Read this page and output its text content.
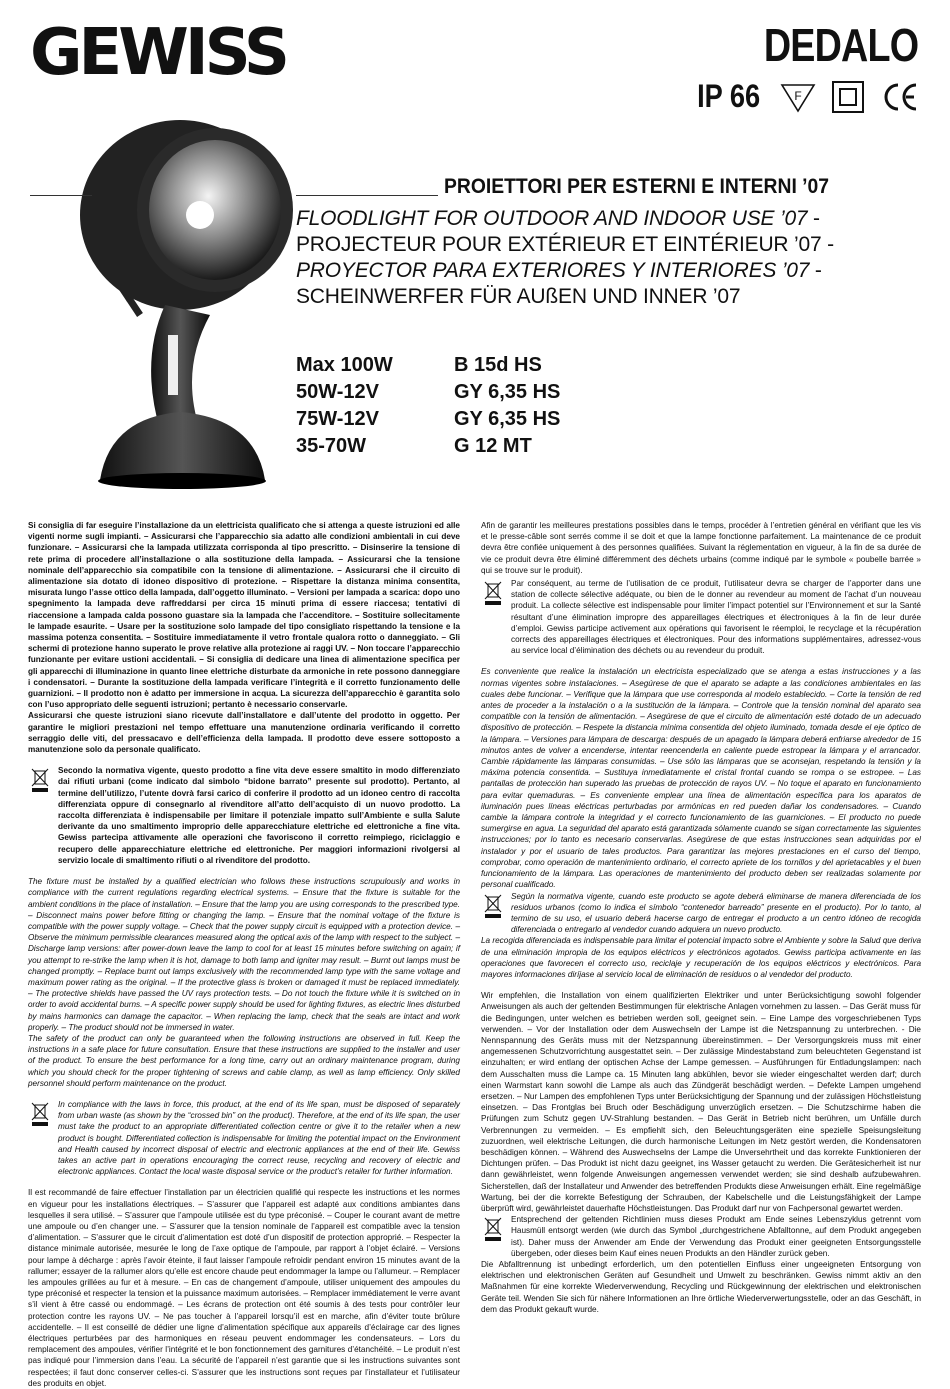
GEWISS	DEDALO
IP 66	F
PROIETTORI PER ESTERNI E INTERNI ’07
FLOODLIGHT FOR OUTDOOR AND INDOOR USE ’07 - PROJECTEUR POUR EXTÉRIEUR ET EINTÉRIEUR ’07 - PROYECTOR PARA EXTERIORES Y INTERIORES ’07 - SCHEINWERFER FÜR AUßEN UND INNER ’07
Max 100W	B 15d HS
50W-12V	GY 6,35 HS
75W-12V	GY 6,35 HS
35-70W	G 12 MT
Si consiglia di far eseguire l’installazione da un elettricista qualificato che si attenga a queste istruzioni ed alle vigenti norme sugli impianti. – Assicurarsi che l’apparecchio sia adatto alle condizioni ambientali in cui deve funzionare. – Assicurarsi che la lampada utilizzata corrisponda al tipo prescritto. – Disinserire la tensione di rete prima di procedere all’installazione o alla sostituzione della lampada. – Assicurarsi che la tensione nominale dell’apparecchio sia compatibile con la tensione di alimentazione. – Assicurarsi che il circuito di alimentazione sia dotato di idoneo dispositivo di protezione. – Rispettare la distanza minima consentita, misurata lungo l’asse ottico della lampada, dall’oggetto illuminato. – Versioni per lampada a scarica: dopo uno spegnimento la lampada deve raffreddarsi per circa 15 minuti prima di essere riaccesa; tentativi di riaccensione a lampada calda possono guastare sia la lampada che l’accenditore. – Sostituire sollecitamente le lampade esaurite. – Usare per la sostituzione solo lampade del tipo consigliato rispettando la tensione e la massima potenza consentita. – Sostituire immediatamente il vetro frontale qualora rotto o danneggiato. – Gli schermi di protezione hanno superato le prove relative alla protezione ai raggi UV. – Non toccare l’apparecchio funzionante per evitare ustioni accidentali. – Si consiglia di dedicare una linea di alimentazione specifica per gli apparecchi di illuminazione in quanto linee elettriche disturbate da armoniche in rete possono danneggiare i condensatori. – Durante la sostituzione della lampada verificare l’integrità e il corretto funzionamento delle guarnizioni. – Il prodotto non è adatto per immersione in acqua. La sicurezza dell’apparecchio è garantita solo con l’uso appropriato delle seguenti istruzioni; pertanto è necessario conservarle.
Assicurarsi che queste istruzioni siano ricevute dall’installatore e dall’utente del prodotto in oggetto. Per garantire le migliori prestazioni nel tempo effettuare una manutenzione ordinaria verificando il corretto serraggio delle viti, del pressacavo e dell’efficienza della lampada. Il prodotto deve essere sottoposto a manutenzione solo da personale qualificato.
Secondo la normativa vigente, questo prodotto a fine vita deve essere smaltito in modo differenziato dai rifiuti urbani (come indicato dal simbolo “bidone barrato” presente sul prodotto). Pertanto, al termine dell’utilizzo, l’utente dovrà farsi carico di conferire il prodotto ad un idoneo centro di raccolta differenziata oppure di consegnarlo al rivenditore all’atto dell’acquisto di un nuovo prodotto. La raccolta differenziata è indispensabile per limitare il potenziale impatto sull’Ambiente e sulla Salute derivante da uno smaltimento improprio delle apparecchiature elettriche ed elettroniche a fine vita. Gewiss partecipa attivamente alle operazioni che favoriscono il corretto reimpiego, riciclaggio e recupero delle apparecchiature elettriche ed elettroniche. Per maggiori informazioni rivolgersi al servizio locale di smaltimento rifiuti o al rivenditore del prodotto.
The fixture must be installed by a qualified electrician who follows these instructions scrupulously and works in compliance with the current regulations regarding electrical systems. – Ensure that the fixture is suitable for the ambient conditions in the place of installation. – Ensure that the lamp you are using corresponds to the prescribed type. – Disconnect mains power before fitting or changing the lamp. – Ensure that the nominal voltage of the fixture is compatible with the power supply voltage. – Check that the power supply circuit is equipped with a protection device. – Observe the minimum permissible clearances measured along the optical axis of the lamp with respect to the subject. – Discharge lamp versions: after power-down leave the lamp to cool for at least 15 minutes before switching on again; if you attempt to re-strike the lamp when it is hot, damage to both lamp and igniter may result. – Burnt out lamps must be changed promptly. – Replace burnt out lamps exclusively with the recommended lamp type with the same voltage and maximum power rating as the original. – If the protective glass is broken or damaged it must be replaced immediately. – The protective shields have passed the UV rays protection tests. – Do not touch the fixture while it is switched on in order to avoid accidental burns. – A specific power supply should be used for lighting fixtures, as electric lines disturbed by mains harmonics can damage the capacitor. – When replacing the lamp, check that the seals are intact and work properly. – The product should not be immersed in water.
The safety of the product can only be guaranteed when the following instructions are observed in full. Keep the instructions in a safe place for future consultation. Ensure that these instructions are supplied to the installer and user of the product. To ensure the best performance for a long time, carry out an ordinary maintenance program, during which you should check for the proper tightening of screws and cable clamp, as well as lamp efficiency. Only skilled personnel should perform maintenance on the product.
In compliance with the laws in force, this product, at the end of its life span, must be disposed of separately from urban waste (as shown by the “crossed bin” on the product). Therefore, at the end of its life span, the user must take the product to an appropriate differentiated collection centre or give it to the retailer when a new product is bought. Differentiated collection is indispensable for limiting the potential impact on the Environment and Health caused by incorrect disposal of electric and electronic appliances at the end of their life. Gewiss takes an active part in operations encouraging the correct reuse, recycling and recovery of electric and electronic appliances. Contact the local waste disposal service or the product’s retailer for further information.
Il est recommandé de faire effectuer l’installation par un électricien qualifié qui respecte les instructions et les normes en vigueur pour les installations électriques. – S’assurer que l’appareil est adapté aux conditions ambiantes dans lesquelles il sera utilisé. – S’assurer que l’ampoule utilisée est du type préconisé. – Couper le courant avant de mettre une ampoule ou d’en changer une. – S’assurer que la tension nominale de l’appareil est compatible avec la tension d’alimentation. – S’assurer que le circuit d’alimentation est doté d’un dispositif de protection approprié. – Respecter la distance minimale autorisée, mesurée le long de l’axe optique de l’ampoule, par rapport à l’objet éclairé. – Versions pour lampe à décharge : après l’avoir éteinte, il faut laisser l’ampoule refroidir pendant environ 15 minutes avant de la rallumer; essayer de la rallumer alors qu’elle est encore chaude peut endommager la lampe ou l’allumeur. – Remplacer les ampoules grillées au fur et à mesure. – En cas de changement d’ampoule, utiliser uniquement des ampoules du type préconisé et respecter la tension et la puissance maximum autorisées. – Remplacer immédiatement le verre avant s’il vient à être cassé ou endommagé. – Les écrans de protection ont été soumis à des tests pour contrôler leur protection contre les rayons UV. – Ne pas toucher à l’appareil lorsqu’il est en marche, afin d’éviter toute brûlure accidentelle. – Il est conseillé de dédier une ligne d’alimentation spécifique aux appareils d’éclairage car des lignes électriques perturbées par des harmoniques en réseau peuvent endommager les condensateurs. – Lors du remplacement des ampoules, vérifier l’intégrité et le bon fonctionnement des garnitures d’étanchéité. – Le produit n’est pas indiqué pour l’immersion dans l’eau. La sécurité de l’appareil n’est garantie que si les instructions suivantes sont respectées; il faut donc conserver celles-ci. S’assurer que les instructions sont reçues par l’installateur et l’utilisateur des produits en objet.
Afin de garantir les meilleures prestations possibles dans le temps, procéder à l’entretien général en vérifiant que les vis et le presse-câble sont serrés comme il se doit et que la lampe fonctionne parfaitement. La maintenance de ce produit devra être confiée uniquement à des personnes qualifiées. Suivant la réglementation en vigueur, à la fin de sa durée de vie ce produit devra être éliminé différemment des déchets urbains (comme indiqué par le symbole « poubelle barrée » qui se trouve sur le produit).
Par conséquent, au terme de l’utilisation de ce produit, l’utilisateur devra se charger de l’apporter dans une station de collecte sélective adéquate, ou bien de le donner au revendeur au moment de l’achat d’un nouveau produit. La collecte sélective est indispensable pour limiter l’impact potentiel sur l’Environnement et sur la Santé résultant d’une élimination impropre des appareillages électriques et électroniques à la fin de leur durée d’emploi. Gewiss participe activement aux opérations qui favorisent le réemploi, le recyclage et la récupération corrects des appareillages électriques et électroniques. Pour des informations supplémentaires, adressez-vous au service local d’élimination des déchets ou au revendeur du produit.
Es conveniente que realice la instalación un electricista especializado que se atenga a estas instrucciones y a las normas vigentes sobre instalaciones. – Asegúrese de que el aparato se adapte a las condiciones ambientales en las cuales debe funcionar. – Verifique que la lámpara que use corresponda al modelo establecido. – Corte la tensión de red antes de proceder a la instalación o a la sustitución de la lámpara. – Controle que la tensión nominal del aparato sea compatible con la tensión de alimentación. – Asegúrese de que el circuito de alimentación esté dotado de un adecuado dispositivo de protección. – Respete la distancia mínima consentida del objeto iluminado, tomada desde el eje óptico de la lámpara. – Versiones para lámpara de descarga: después de un apagado la lámpara deberá enfriarse alrededor de 15 minutos antes de volver a encenderse, intentar reencenderla en caliente puede estropear la lámpara y el arrancador. Cambie rápidamente las lámparas consumidas. – Use sólo las lámparas que se aconsejan, respetando la tensión y la máxima potencia consentida. – Sustituya inmediatamente el cristal frontal cuando se rompa o se estropee. – Las pantallas de protección han superado las pruebas de protección de rayos UV. – No toque el aparato en funcionamiento para evitar quemaduras. – Es conveniente emplear una línea de alimentación específica para los aparatos de iluminación pues líneas eléctricas perturbadas por armónicas en red pueden dañar los condensadores. – Cuando cambie la lámpara controle la integridad y el correcto funcionamiento de las guarniciones. – El producto no puede sumergirse en agua. La seguridad del aparato está garantizada sólamente cuando se sigan correctamente las siguientes instrucciones; por lo tanto es necesario conservarlas. Asegúrese de que estas instrucciones sean adquiridas por el instalador y por el usuario de tales productos. Para garantizar las mejores prestaciones en el curso del tiempo, comprobar, como operación de mantenimiento ordinario, el correcto apriete de los tornillos y del aprietacables y el buen funcionamiento de la lámpara. Las operaciones de mantenimiento del producto deben ser realizadas solamente por personal cualificado.
Según la normativa vigente, cuando este producto se agote deberá eliminarse de manera diferenciada de los residuos urbanos (como lo indica el símbolo “contenedor barreado” presente en el producto). Por lo tanto, al termino de su uso, el usuario deberá hacerse cargo de entregar el producto a un centro idóneo de recogida diferenciada o entregarlo al vendedor cuando adquiera un nuevo producto.
La recogida diferenciada es indispensable para limitar el potencial impacto sobre el Ambiente y sobre la Salud que deriva de una eliminación impropia de los equipos eléctricos y electrónicos agotados. Gewiss participa activamente en las operaciones que favorecen el correcto uso, reciclaje y recuperación de los equipos eléctricos y electrónicos. Para mayores informaciones diríjase al servicio local de eliminación de residuos o al vendedor del producto.
Wir empfehlen, die Installation von einem qualifizierten Elektriker und unter Berücksichtigung sowohl folgender Anweisungen als auch der geltenden Bestimmungen für elektrische Anlagen vornehmen zu lassen. – Das Gerät muss für die Bedingungen, unter welchen es betrieben werden soll, geeignet sein. – Eine Lampe des vorgeschriebenen Typs verwenden. – Vor der Installation oder dem Auswechseln der Lampe ist die Netzspannung zu unterbrechen. - Die Nennspannung des Geräts muss mit der Netzspannung übereinstimmen. – Der Versorgungskreis muss mit einer angemessenen Schutzvorrichtung ausgestattet sein. – Der zulässige Mindestabstand zum beleuchteten Gegenstand ist einzuhalten; er wird entlang der optischen Achse der Lampe gemessen. – Ausführungen für Entladungslampen: nach dem Ausschalten muss die Lampe ca. 15 Minuten lang abkühlen, bevor sie wieder eingeschaltet werden darf; durch einen Warmstart kann sowohl die Lampe als auch das Zündgerät beschädigt werden. – Defekte Lampen umgehend ersetzen. – Nur Lampen des empfohlenen Typs unter Berücksichtigung der Spannung und der zulässigen Höchstleistung einsetzen. – Das Frontglas bei Bruch oder Beschädigung unverzüglich ersetzen. – Die Schutzschirme haben die Prüfungen zum Schutz gegen UV-Strahlung bestanden. – Das Gerät in Betrieb nicht berühren, um Unfälle durch Verbrennungen zu vermeiden. – Es empfiehlt sich, den Beleuchtungsgeräten eine spezielle Speisungsleitung zuzuordnen, weil elektrische Leitungen, die durch harmonische Leitungen im Netz gestört werden, die Kondensatoren beschädigen können. – Während des Auswechselns der Lampe die Unversehrtheit und das korrekte Funktionieren der Dichtungen prüfen. – Das Produkt ist nicht dazu geeignet, ins Wasser getaucht zu werden. Die Gerätesicherheit ist nur dann gewährleistet, wenn folgende Anweisungen angemessen verwendet werden; sie sind deshalb aufzubewahren. Sicherstellen, daß der Installateur und Anwender des betreffenden Produkts diese Anweisungen erhält. Eine regelmäßige Wartung, bei der die korrekte Befestigung der Schrauben, der Kabelschelle und die Leistungsfähigkeit der Lampe überprüft wird, gewährleistet dauerhafte Höchstleistungen. Das Produkt darf nur von Fachpersonal gewartet werden.
Entsprechend der geltenden Richtlinien muss dieses Produkt am Ende seines Lebenszyklus getrennt vom Hausmüll entsorgt werden (wie durch das Symbol „durchgestrichene Abfalltonne„ auf dem Produkt angegeben ist). Daher muss der Anwender am Ende der Verwendung das Produkt einer geeigneten Entsorgungsstelle übergeben, oder dieses beim Kauf eines neuen Produkts an den Händler zurück geben.
Die Abfalltrennung ist unbedingt erforderlich, um den potentiellen Einfluss einer ungeeigneten Entsorgung von elektrischen und elektronischen Geräten auf Gesundheit und Umwelt zu beschränken. Gewiss nimmt aktiv an den Maßnahmen für eine korrekte Wiederverwendung, Recycling und Rückgewinnung der elektrischen und elektronischen Geräte teil. Wenden Sie sich für nähere Informationen an Ihre örtliche Wiederverwertungsstelle, oder an das Geschäft, in dem das Produkt gekauft wurde.
